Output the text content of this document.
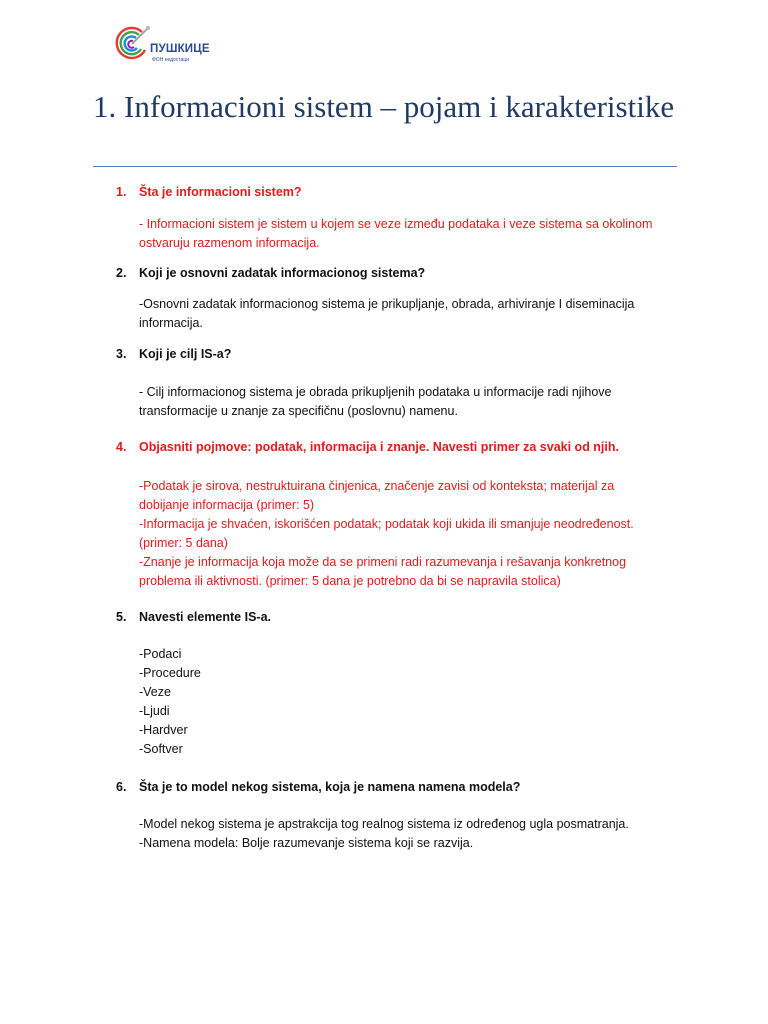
ПУШКИЦЕ
ФОН недостаци
1. Informacioni sistem – pojam i karakteristike
1. Šta je informacioni sistem?
- Informacioni sistem je sistem u kojem se veze između podataka i veze sistema sa okolinom
ostvaruju razmenom informacija.
2. Koji je osnovni zadatak informacionog sistema?
-Osnovni zadatak informacionog sistema je prikupljanje, obrada, arhiviranje I diseminacija
informacija.
3. Koji je cilj IS-a?
- Cilj informacionog sistema je obrada prikupljenih podataka u informacije radi njihove
transformacije u znanje za specifičnu (poslovnu) namenu.
4. Objasniti pojmove: podatak, informacija i znanje. Navesti primer za svaki od njih.
-Podatak je sirova, nestruktuirana činjenica, značenje zavisi od konteksta; materijal za
dobijanje informacija (primer: 5)
-Informacija je shvaćen, iskorišćen podatak; podatak koji ukida ili smanjuje neodređenost.
(primer: 5 dana)
-Znanje je informacija koja može da se primeni radi razumevanja i rešavanja konkretnog
problema ili aktivnosti. (primer: 5 dana je potrebno da bi se napravila stolica)
5. Navesti elemente IS-a.
-Podaci
-Procedure
-Veze
-Ljudi
-Hardver
-Softver
6. Šta je to model nekog sistema, koja je namena namena modela?
-Model nekog sistema je apstrakcija tog realnog sistema iz određenog ugla posmatranja.
-Namena modela: Bolje razumevanje sistema koji se razvija.
